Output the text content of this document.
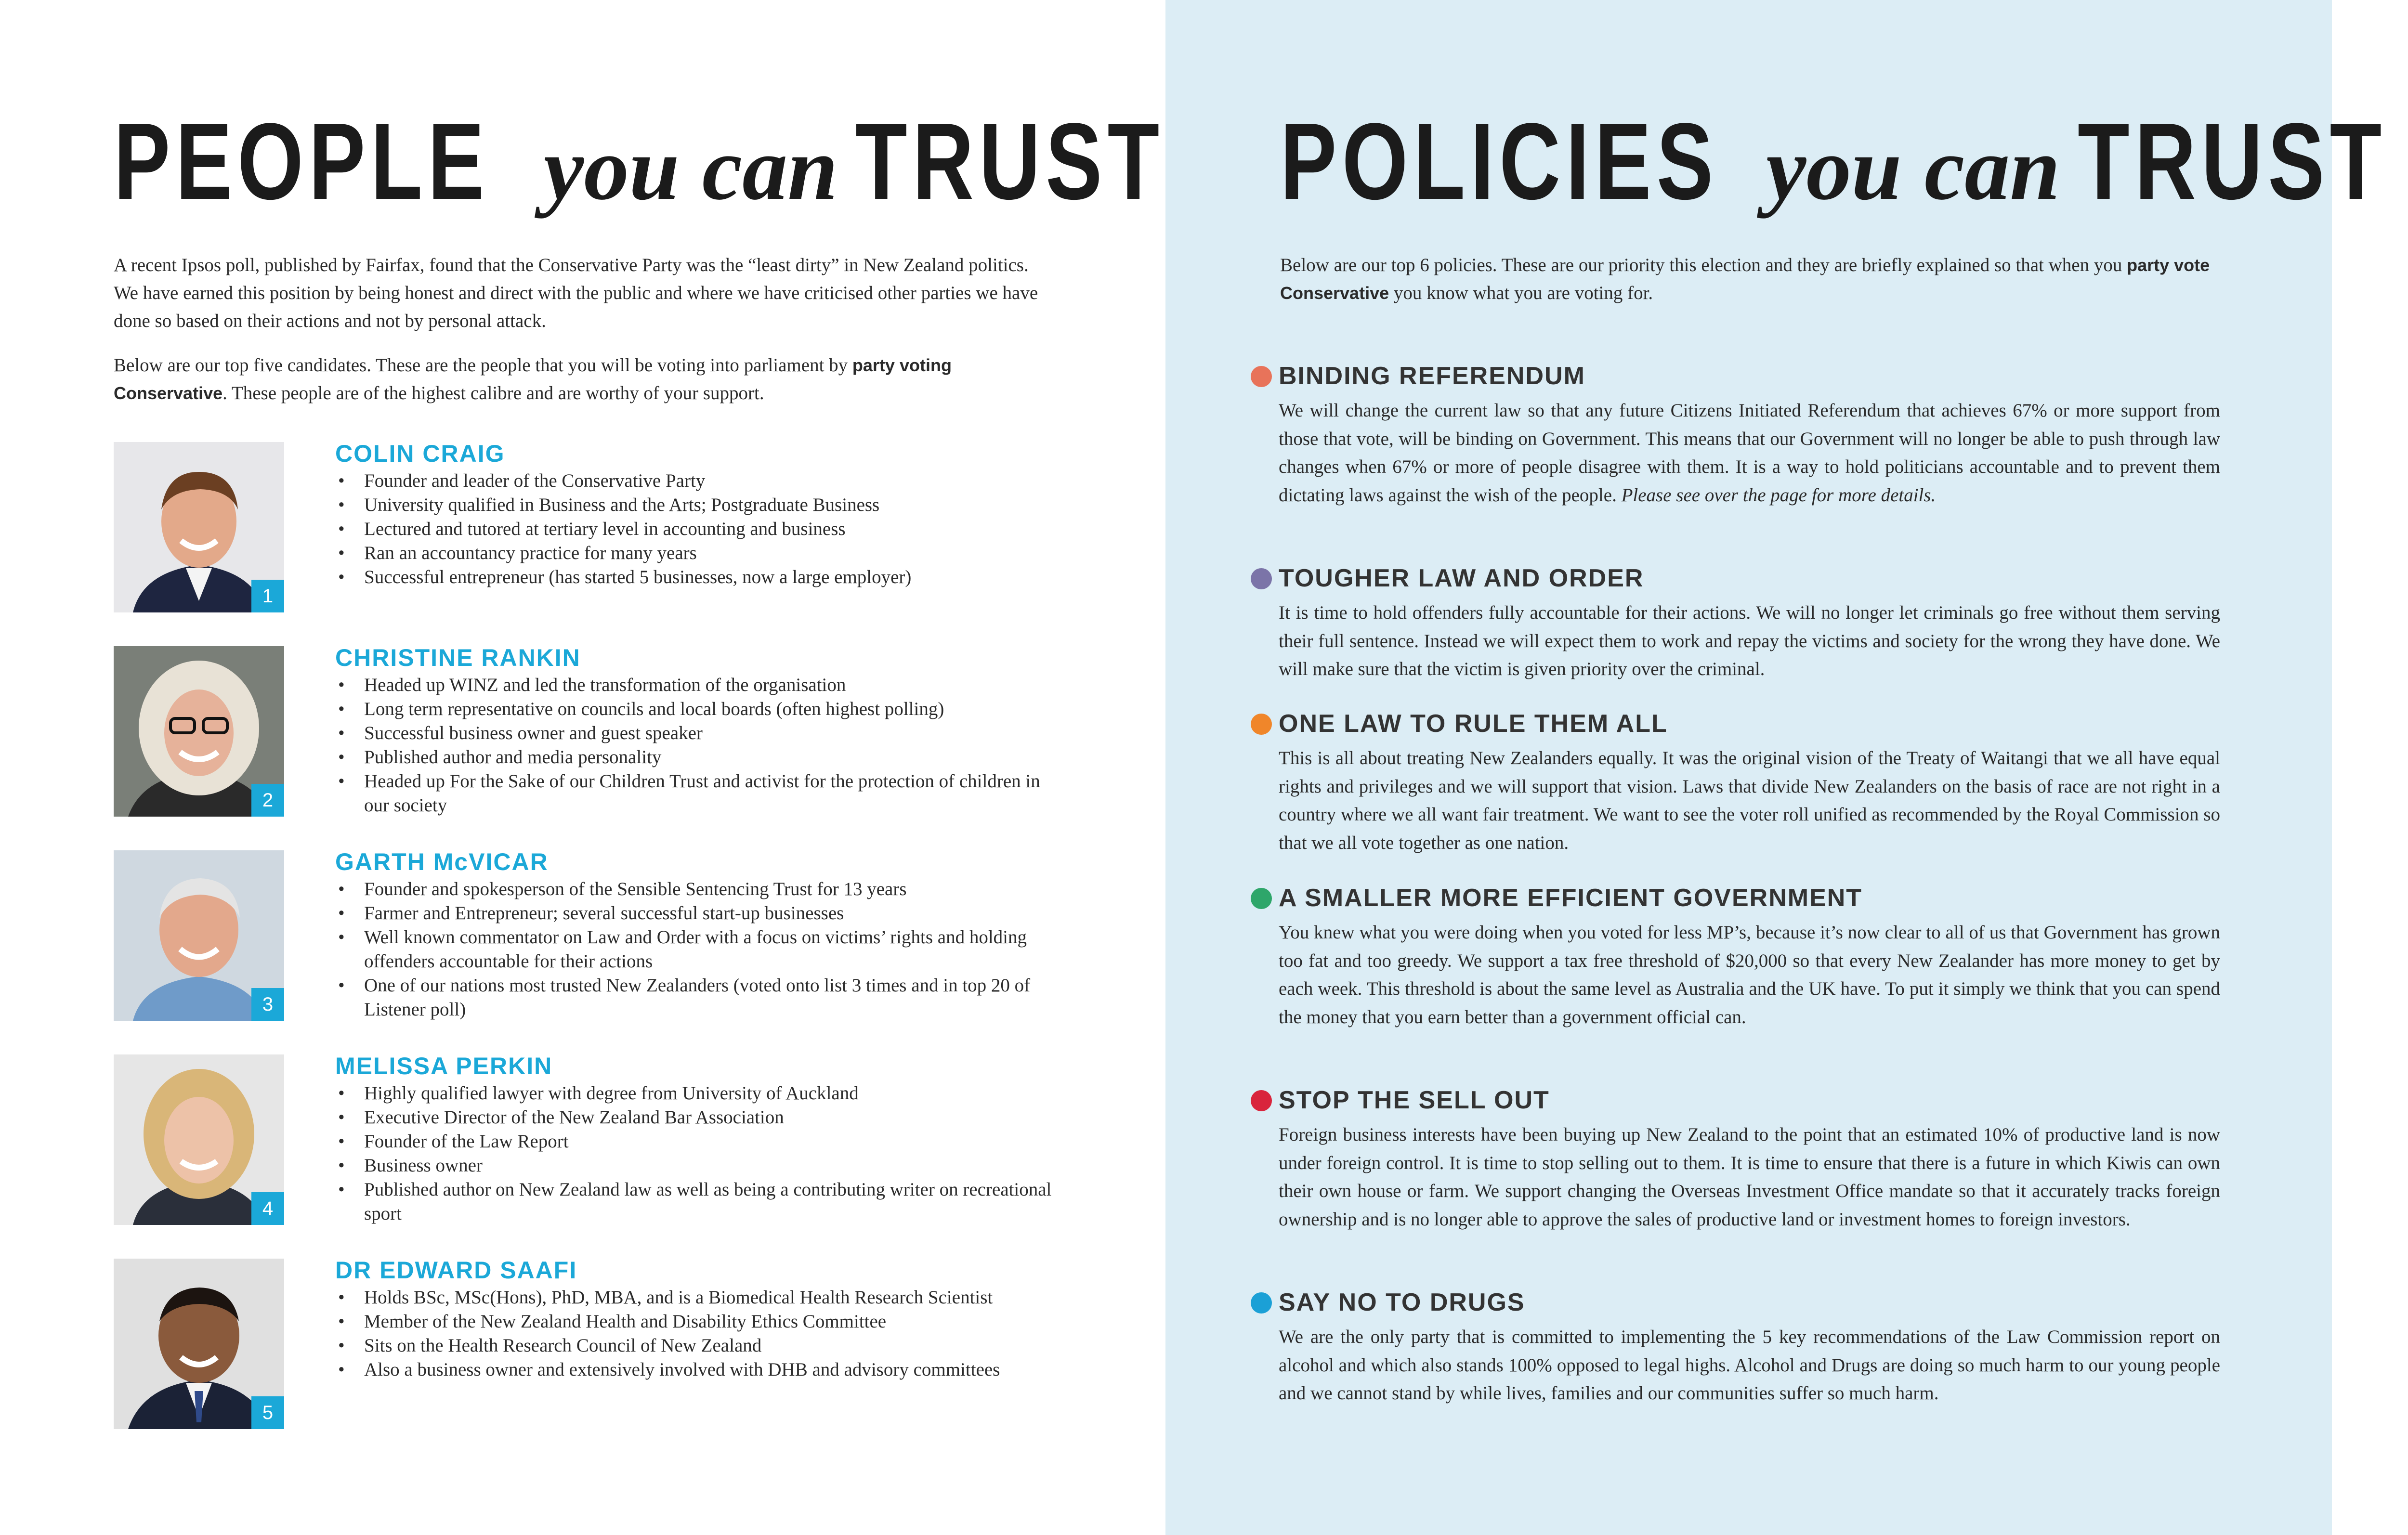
PEOPLE you can TRUST

A recent Ipsos poll, published by Fairfax, found that the Conservative Party was the “least dirty” in New Zealand politics. We have earned this position by being honest and direct with the public and where we have criticised other parties we have done so based on their actions and not by personal attack.

Below are our top five candidates. These are the people that you will be voting into parliament by party voting Conservative. These people are of the highest calibre and are worthy of your support.

1
COLIN CRAIG
• Founder and leader of the Conservative Party
• University qualified in Business and the Arts; Postgraduate Business
• Lectured and tutored at tertiary level in accounting and business
• Ran an accountancy practice for many years
• Successful entrepreneur (has started 5 businesses, now a large employer)
2
CHRISTINE RANKIN
• Headed up WINZ and led the transformation of the organisation
• Long term representative on councils and local boards (often highest polling)
• Successful business owner and guest speaker
• Published author and media personality
• Headed up For the Sake of our Children Trust and activist for the protection of children in our society
3
GARTH McVICAR
• Founder and spokesperson of the Sensible Sentencing Trust for 13 years
• Farmer and Entrepreneur; several successful start-up businesses
• Well known commentator on Law and Order with a focus on victims’ rights and holding offenders accountable for their actions
• One of our nations most trusted New Zealanders (voted onto list 3 times and in top 20 of Listener poll)
4
MELISSA PERKIN
• Highly qualified lawyer with degree from University of Auckland
• Executive Director of the New Zealand Bar Association
• Founder of the Law Report
• Business owner
• Published author on New Zealand law as well as being a contributing writer on recreational sport
5
DR EDWARD SAAFI
• Holds BSc, MSc(Hons), PhD, MBA, and is a Biomedical Health Research Scientist
• Member of the New Zealand Health and Disability Ethics Committee
• Sits on the Health Research Council of New Zealand
• Also a business owner and extensively involved with DHB and advisory committees
POLICIES you can TRUST

Below are our top 6 policies. These are our priority this election and they are briefly explained so that when you party vote Conservative you know what you are voting for.

BINDING REFERENDUM

We will change the current law so that any future Citizens Initiated Referendum that achieves 67% or more support from those that vote, will be binding on Government. This means that our Government will no longer be able to push through law changes when 67% or more of people disagree with them. It is a way to hold politicians accountable and to prevent them dictating laws against the wish of the people. Please see over the page for more details.

TOUGHER LAW AND ORDER

It is time to hold offenders fully accountable for their actions. We will no longer let criminals go free without them serving their full sentence. Instead we will expect them to work and repay the victims and society for the wrong they have done. We will make sure that the victim is given priority over the criminal.

ONE LAW TO RULE THEM ALL

This is all about treating New Zealanders equally. It was the original vision of the Treaty of Waitangi that we all have equal rights and privileges and we will support that vision. Laws that divide New Zealanders on the basis of race are not right in a country where we all want fair treatment. We want to see the voter roll unified as recommended by the Royal Commission so that we all vote together as one nation.

A SMALLER MORE EFFICIENT GOVERNMENT

You knew what you were doing when you voted for less MP’s, because it’s now clear to all of us that Government has grown too fat and too greedy. We support a tax free threshold of $20,000 so that every New Zealander has more money to get by each week. This threshold is about the same level as Australia and the UK have. To put it simply we think that you can spend the money that you earn better than a government official can.

STOP THE SELL OUT

Foreign business interests have been buying up New Zealand to the point that an estimated 10% of productive land is now under foreign control. It is time to stop selling out to them. It is time to ensure that there is a future in which Kiwis can own their own house or farm. We support changing the Overseas Investment Office mandate so that it accurately tracks foreign ownership and is no longer able to approve the sales of productive land or investment homes to foreign investors.

SAY NO TO DRUGS

We are the only party that is committed to implementing the 5 key recommendations of the Law Commission report on alcohol and which also stands 100% opposed to legal highs. Alcohol and Drugs are doing so much harm to our young people and we cannot stand by while lives, families and our communities suffer so much harm.
